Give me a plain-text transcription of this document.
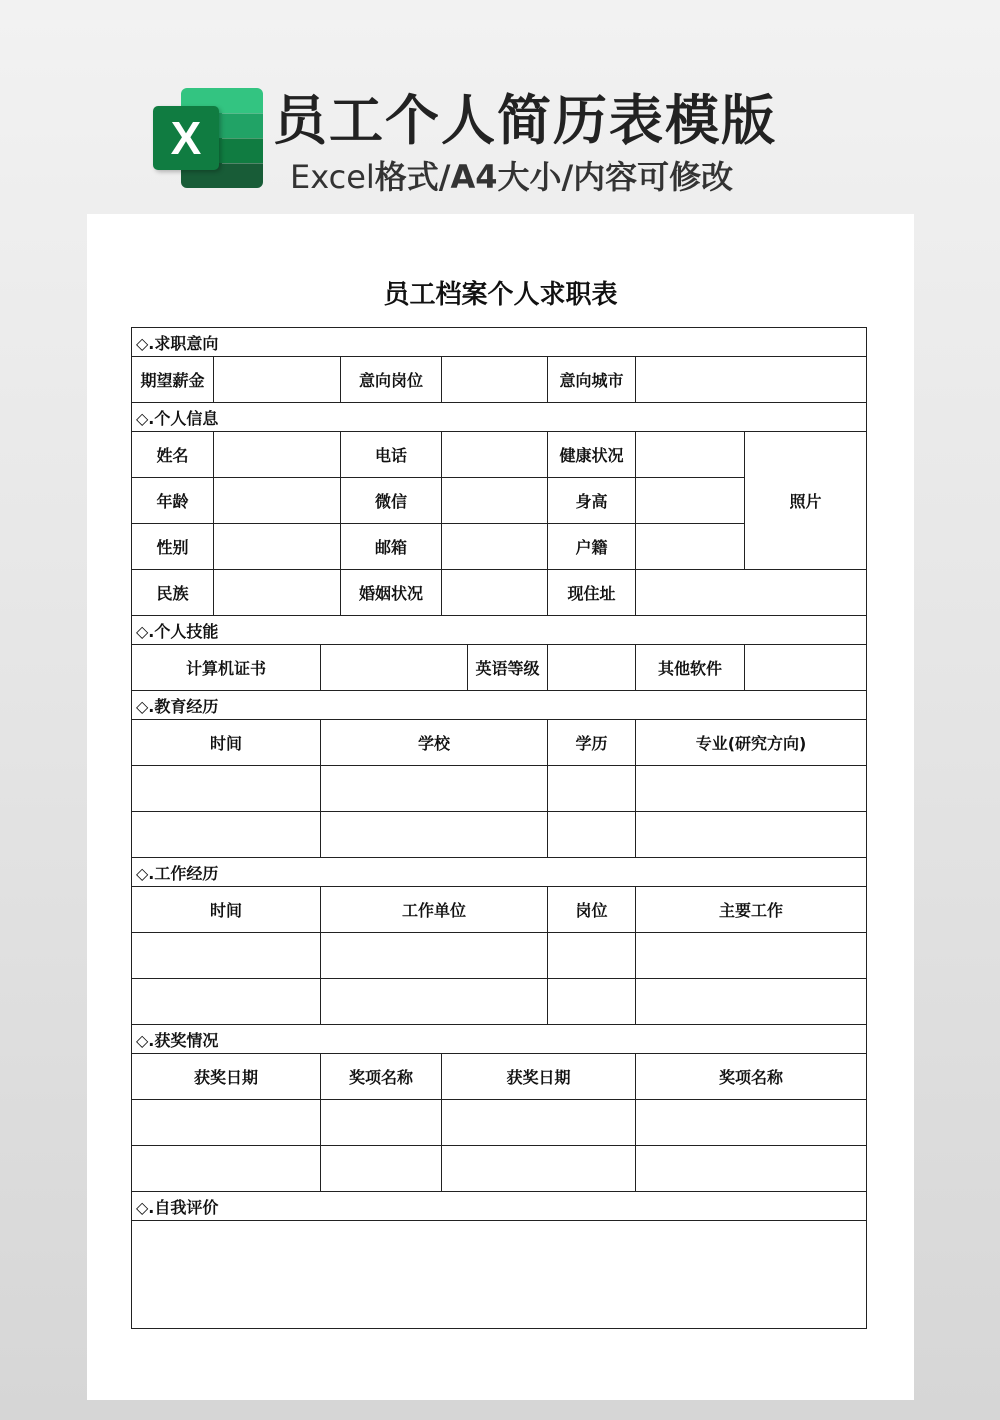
X	员工个人简历表模版
Excel格式/A4大小/内容可修改
员工档案个人求职表
◇.求职意向								
期望薪金			意向岗位			意向城市		
◇.个人信息								
姓名			电话			健康状况		照片
年龄			微信			身高		
性别			邮箱			户籍		
民族			婚姻状况			现住址		
◇.个人技能								
计算机证书					英语等级		其他软件	
◇.教育经历								
时间		学校				学历	专业(研究方向)	

◇.工作经历								
时间		工作单位				岗位	主要工作	

◇.获奖情况								
获奖日期		奖项名称		获奖日期			奖项名称	

◇.自我评价								
